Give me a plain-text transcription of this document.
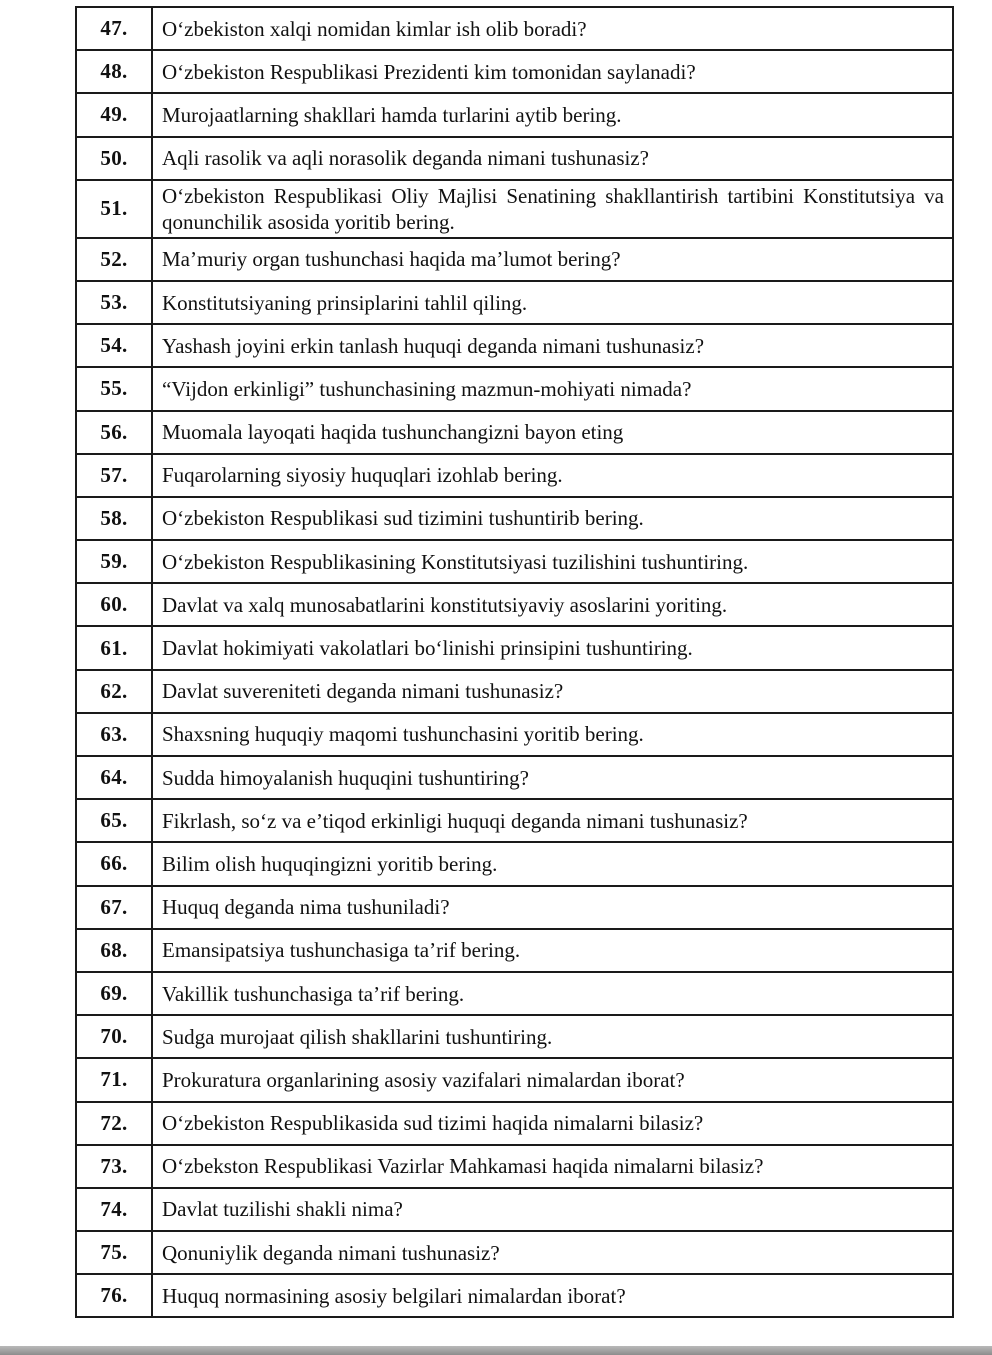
47.	O‘zbekiston xalqi nomidan kimlar ish olib boradi?
48.	O‘zbekiston Respublikasi Prezidenti kim tomonidan saylanadi?
49.	Murojaatlarning shakllari hamda turlarini aytib bering.
50.	Aqli rasolik va aqli norasolik deganda nimani tushunasiz?
51.	O‘zbekiston Respublikasi Oliy Majlisi Senatining shakllantirish tartibini Konstitutsiya va qonunchilik asosida yoritib bering.
52.	Ma’muriy organ tushunchasi haqida ma’lumot bering?
53.	Konstitutsiyaning prinsiplarini tahlil qiling.
54.	Yashash joyini erkin tanlash huquqi deganda nimani tushunasiz?
55.	“Vijdon erkinligi” tushunchasining mazmun-mohiyati nimada?
56.	Muomala layoqati haqida tushunchangizni bayon eting
57.	Fuqarolarning siyosiy huquqlari izohlab bering.
58.	O‘zbekiston Respublikasi sud tizimini tushuntirib bering.
59.	O‘zbekiston Respublikasining Konstitutsiyasi tuzilishini tushuntiring.
60.	Davlat va xalq munosabatlarini konstitutsiyaviy asoslarini yoriting.
61.	Davlat hokimiyati vakolatlari bo‘linishi prinsipini tushuntiring.
62.	Davlat suvereniteti deganda nimani tushunasiz?
63.	Shaxsning huquqiy maqomi tushunchasini yoritib bering.
64.	Sudda himoyalanish huquqini tushuntiring?
65.	Fikrlash, so‘z va e’tiqod erkinligi huquqi deganda nimani tushunasiz?
66.	Bilim olish huquqingizni yoritib bering.
67.	Huquq deganda nima tushuniladi?
68.	Emansipatsiya tushunchasiga ta’rif bering.
69.	Vakillik tushunchasiga ta’rif bering.
70.	Sudga murojaat qilish shakllarini tushuntiring.
71.	Prokuratura organlarining asosiy vazifalari nimalardan iborat?
72.	O‘zbekiston Respublikasida sud tizimi haqida nimalarni bilasiz?
73.	O‘zbekston Respublikasi Vazirlar Mahkamasi haqida nimalarni bilasiz?
74.	Davlat tuzilishi shakli nima?
75.	Qonuniylik deganda nimani tushunasiz?
76.	Huquq normasining asosiy belgilari nimalardan iborat?
